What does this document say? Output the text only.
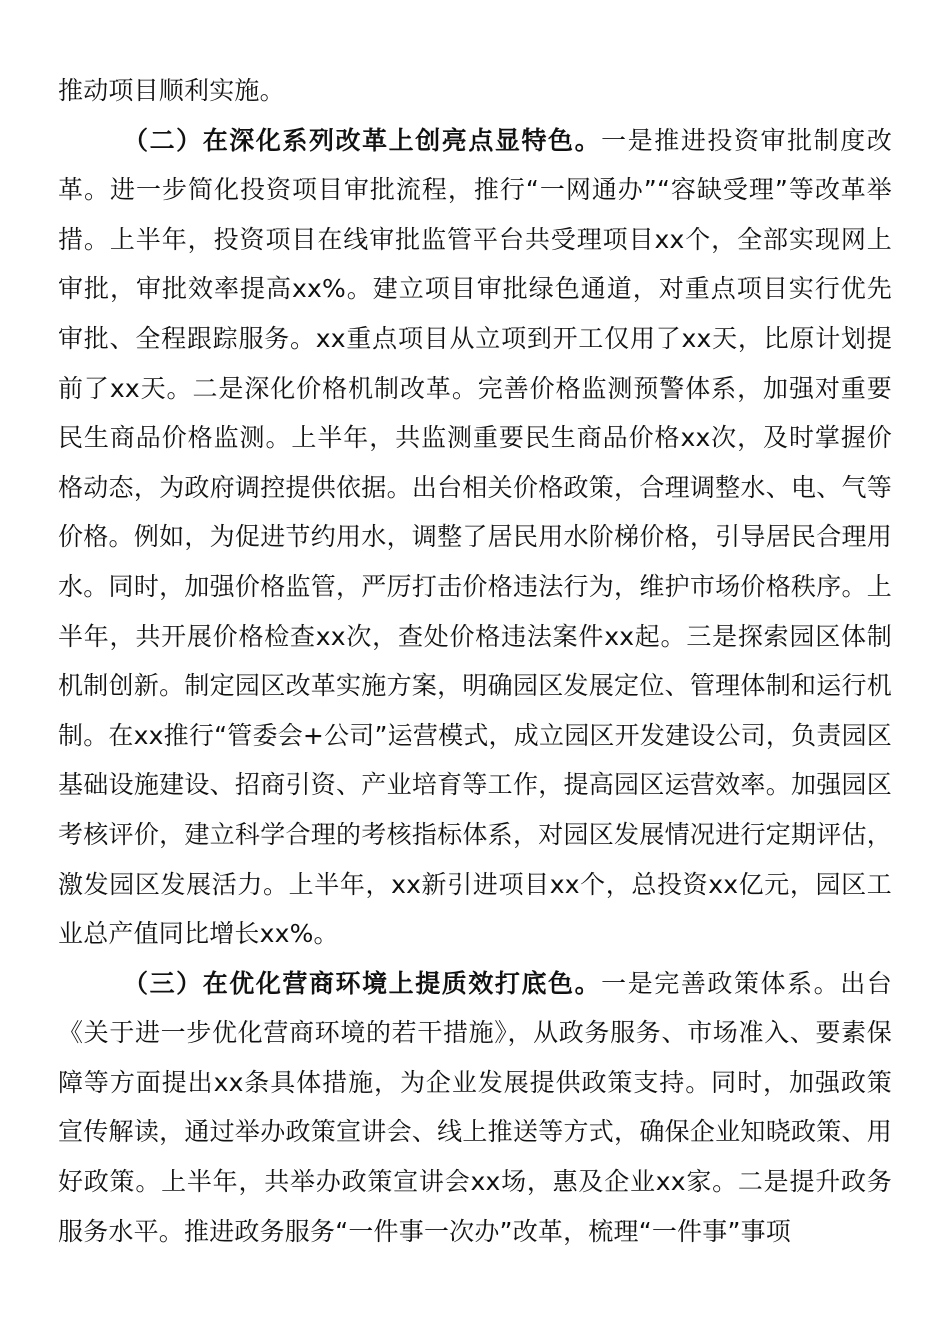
推动项目顺利实施。

（二）在深化系列改革上创亮点显特色。一是推进投资审批制度改革。进一步简化投资项目审批流程，推行“一网通办”“容缺受理”等改革举措。上半年，投资项目在线审批监管平台共受理项目xx个，全部实现网上审批，审批效率提高xx%。建立项目审批绿色通道，对重点项目实行优先审批、全程跟踪服务。xx重点项目从立项到开工仅用了xx天，比原计划提前了xx天。二是深化价格机制改革。完善价格监测预警体系，加强对重要民生商品价格监测。上半年，共监测重要民生商品价格xx次，及时掌握价格动态，为政府调控提供依据。出台相关价格政策，合理调整水、电、气等价格。例如，为促进节约用水，调整了居民用水阶梯价格，引导居民合理用水。同时，加强价格监管，严厉打击价格违法行为，维护市场价格秩序。上半年，共开展价格检查xx次，查处价格违法案件xx起。三是探索园区体制机制创新。制定园区改革实施方案，明确园区发展定位、管理体制和运行机制。在xx推行“管委会+公司”运营模式，成立园区开发建设公司，负责园区基础设施建设、招商引资、产业培育等工作，提高园区运营效率。加强园区考核评价，建立科学合理的考核指标体系，对园区发展情况进行定期评估，激发园区发展活力。上半年，xx新引进项目xx个，总投资xx亿元，园区工业总产值同比增长xx%。

（三）在优化营商环境上提质效打底色。一是完善政策体系。出台《关于进一步优化营商环境的若干措施》，从政务服务、市场准入、要素保障等方面提出xx条具体措施，为企业发展提供政策支持。同时，加强政策宣传解读，通过举办政策宣讲会、线上推送等方式，确保企业知晓政策、用好政策。上半年，共举办政策宣讲会xx场，惠及企业xx家。二是提升政务服务水平。推进政务服务“一件事一次办”改革，梳理“一件事”事项
